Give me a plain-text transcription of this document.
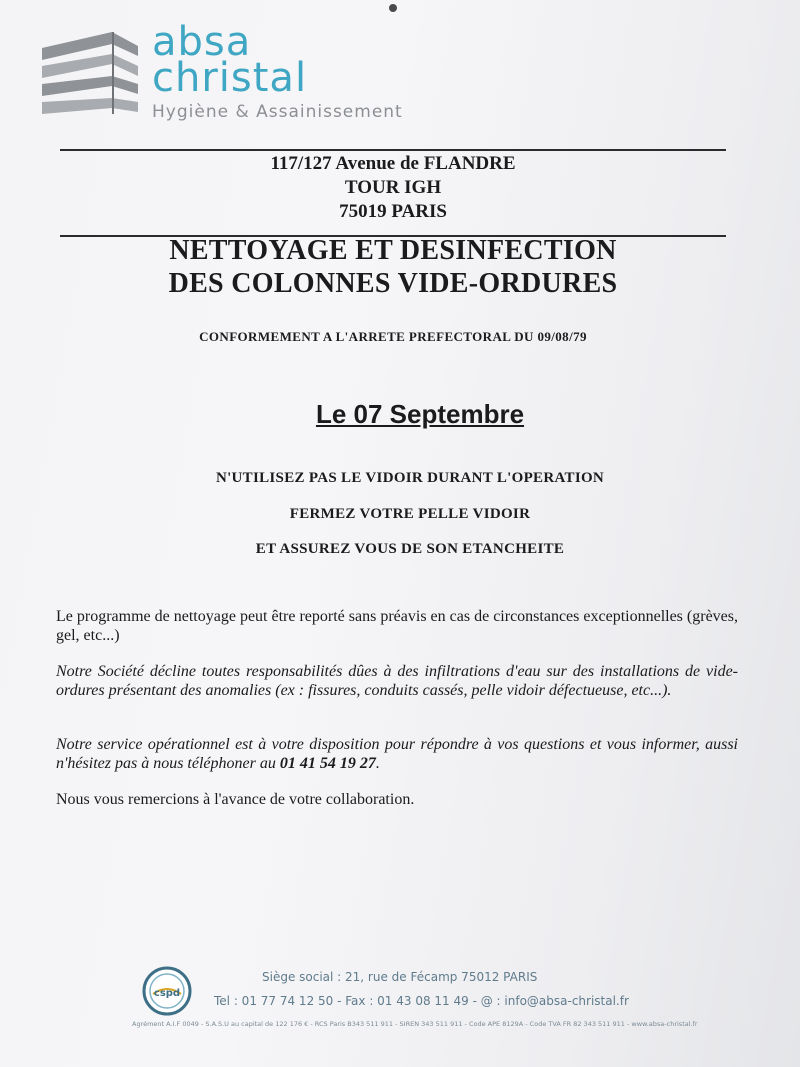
absa
christal
Hygiène & Assainissement
117/127 Avenue de FLANDRE
TOUR IGH
75019 PARIS
NETTOYAGE ET DESINFECTION
DES COLONNES VIDE-ORDURES
CONFORMEMENT A L'ARRETE PREFECTORAL DU 09/08/79
Le 07 Septembre
N'UTILISEZ PAS LE VIDOIR DURANT L'OPERATION
FERMEZ VOTRE PELLE VIDOIR
ET ASSUREZ VOUS DE SON ETANCHEITE
Le programme de nettoyage peut être reporté sans préavis en cas de circonstances exceptionnelles (grèves, gel, etc...)
Notre Société décline toutes responsabilités dûes à des infiltrations d'eau sur des installations de vide-ordures présentant des anomalies (ex : fissures, conduits cassés, pelle vidoir défectueuse, etc...).
Notre service opérationnel est à votre disposition pour répondre à vos questions et vous informer, aussi n'hésitez pas à nous téléphoner au 01 41 54 19 27.
Nous vous remercions à l'avance de votre collaboration.
cspd
Siège social : 21, rue de Fécamp 75012 PARIS
Tel : 01 77 74 12 50 - Fax : 01 43 08 11 49 - @ : info@absa-christal.fr
Agrément A.I.F 0049 - S.A.S.U au capital de 122 176 € - RCS Paris B343 511 911 - SIREN 343 511 911 - Code APE 8129A - Code TVA FR 82 343 511 911 - www.absa-christal.fr
